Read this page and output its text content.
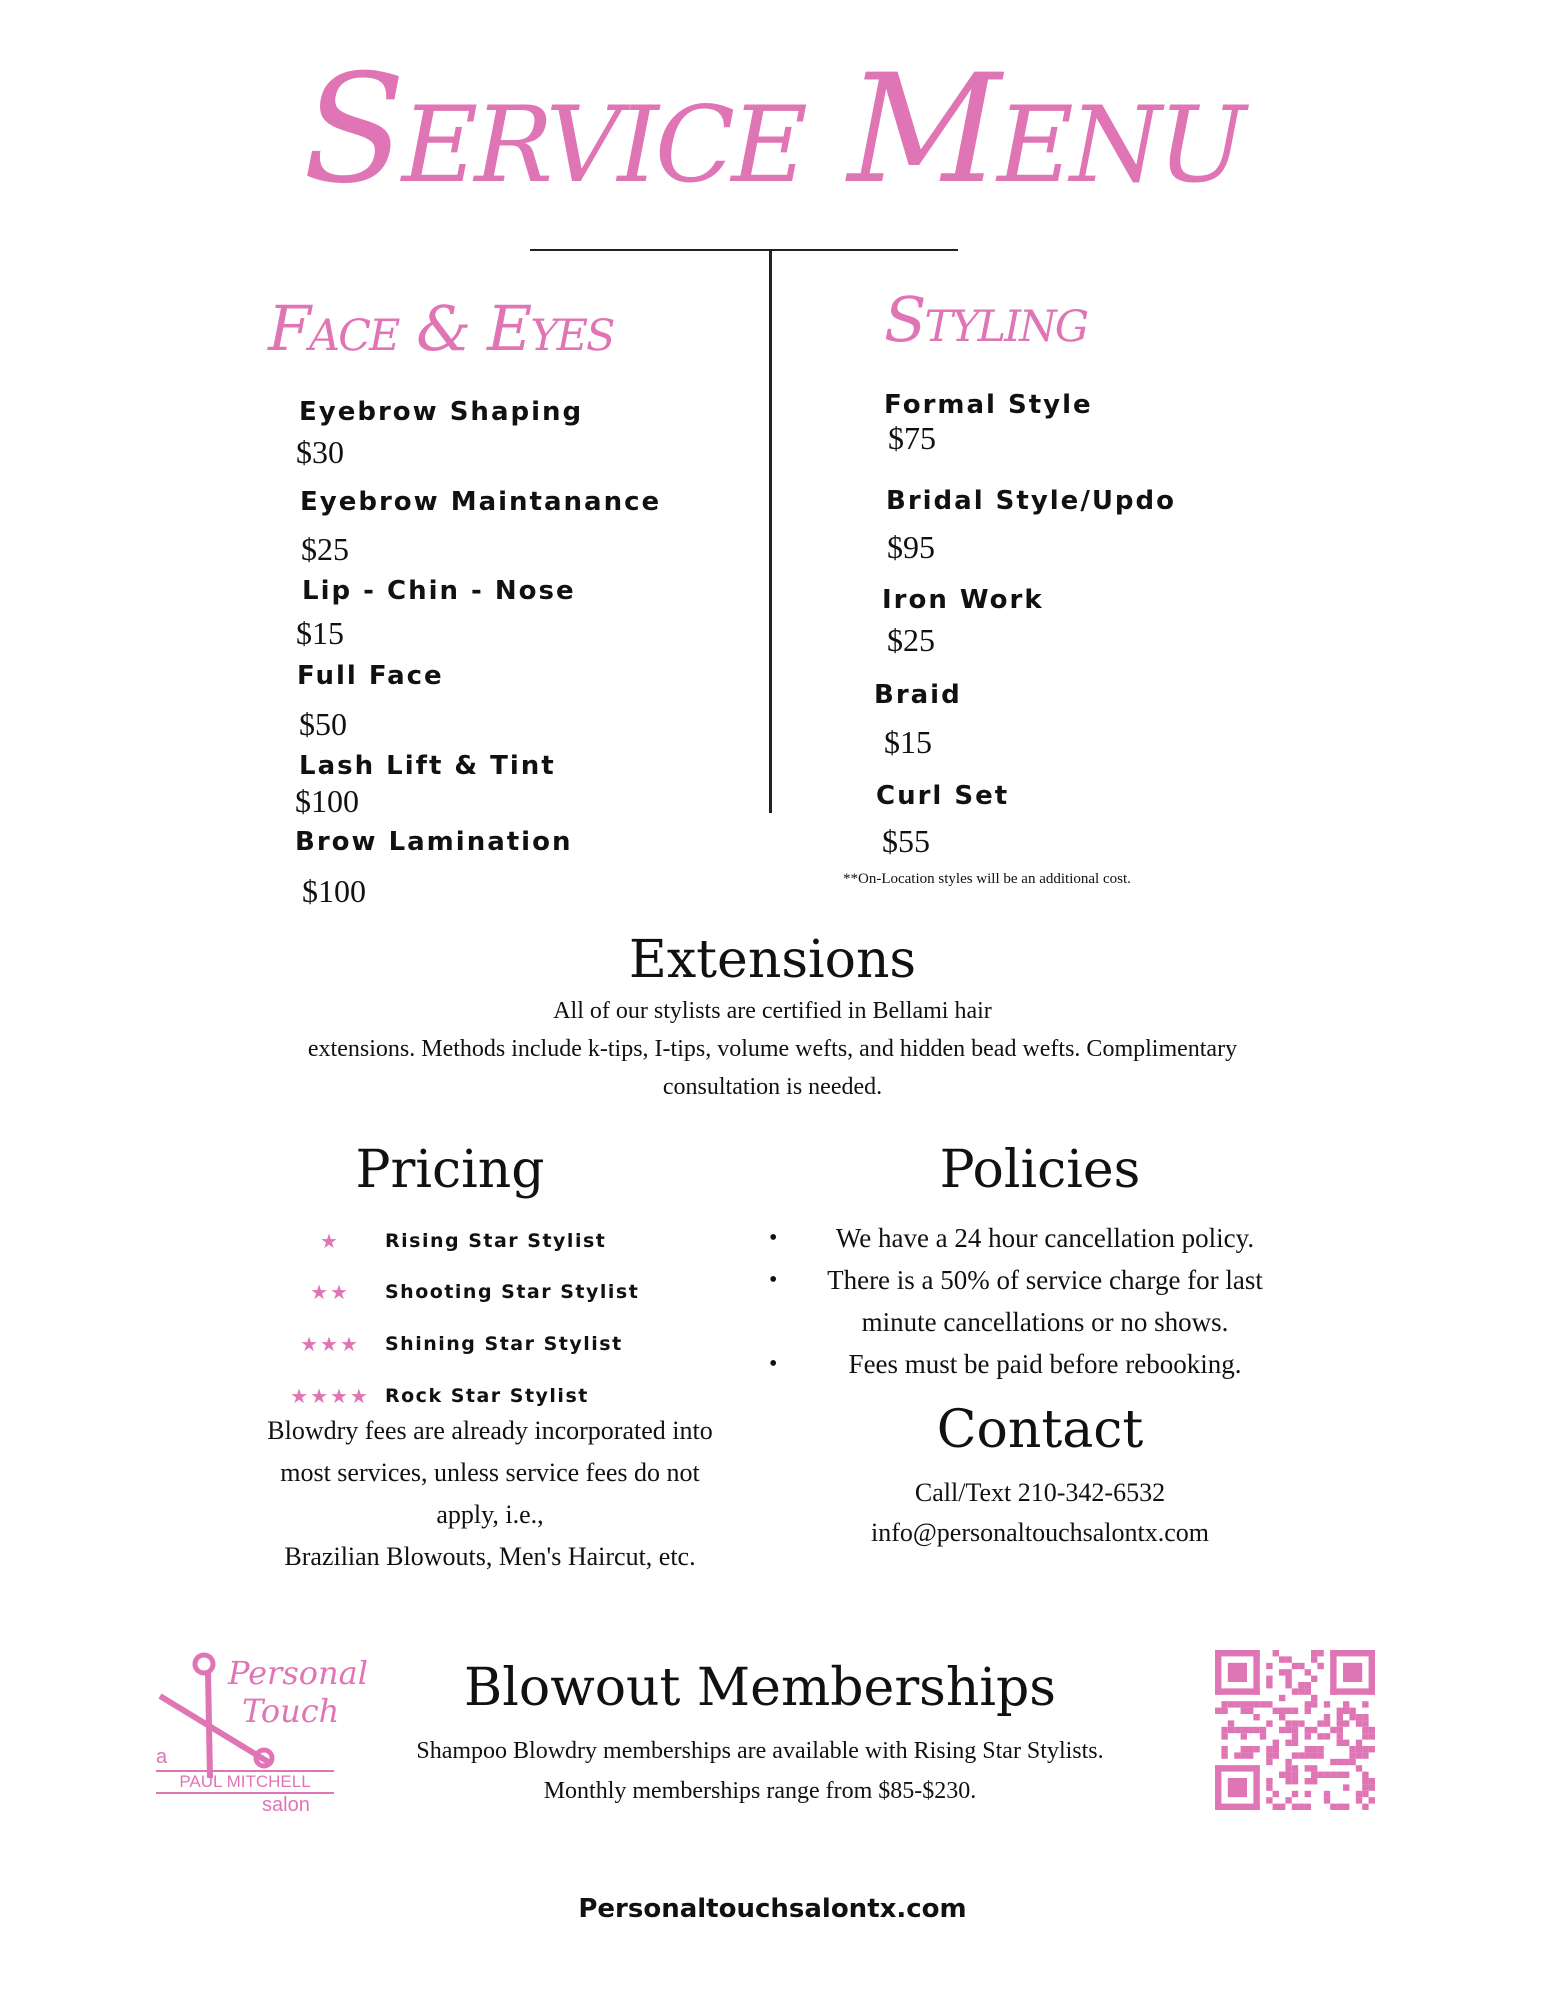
Service Menu
Face & Eyes
Eyebrow Shaping
$30
Eyebrow Maintanance
$25
Lip - Chin - Nose
$15
Full Face
$50
Lash Lift & Tint
$100
Brow Lamination
$100
Styling
Formal Style
$75
Bridal Style/Updo
$95
Iron Work
$25
Braid
$15
Curl Set
$55
**On-Location styles will be an additional cost.
Extensions
All of our stylists are certified in Bellami hair
extensions. Methods include k-tips, I-tips, volume wefts, and hidden bead wefts. Complimentary
consultation is needed.
Pricing
★	Rising Star Stylist
★★	Shooting Star Stylist
★★★	Shining Star Stylist
★★★★ Rock Star Stylist
Blowdry fees are already incorporated into
most services, unless service fees do not
apply, i.e.,
Brazilian Blowouts, Men's Haircut, etc.
Policies
• We have a 24 hour cancellation policy.
• There is a 50% of service charge for last minute cancellations or no shows.
•	Fees must be paid before rebooking.
Contact
Call/Text 210-342-6532
info@personaltouchsalontx.com
Personal
Touch
a
PAUL MITCHELL
salon
Blowout Memberships
Shampoo Blowdry memberships are available with Rising Star Stylists.
Monthly memberships range from $85-$230.
Personaltouchsalontx.com
